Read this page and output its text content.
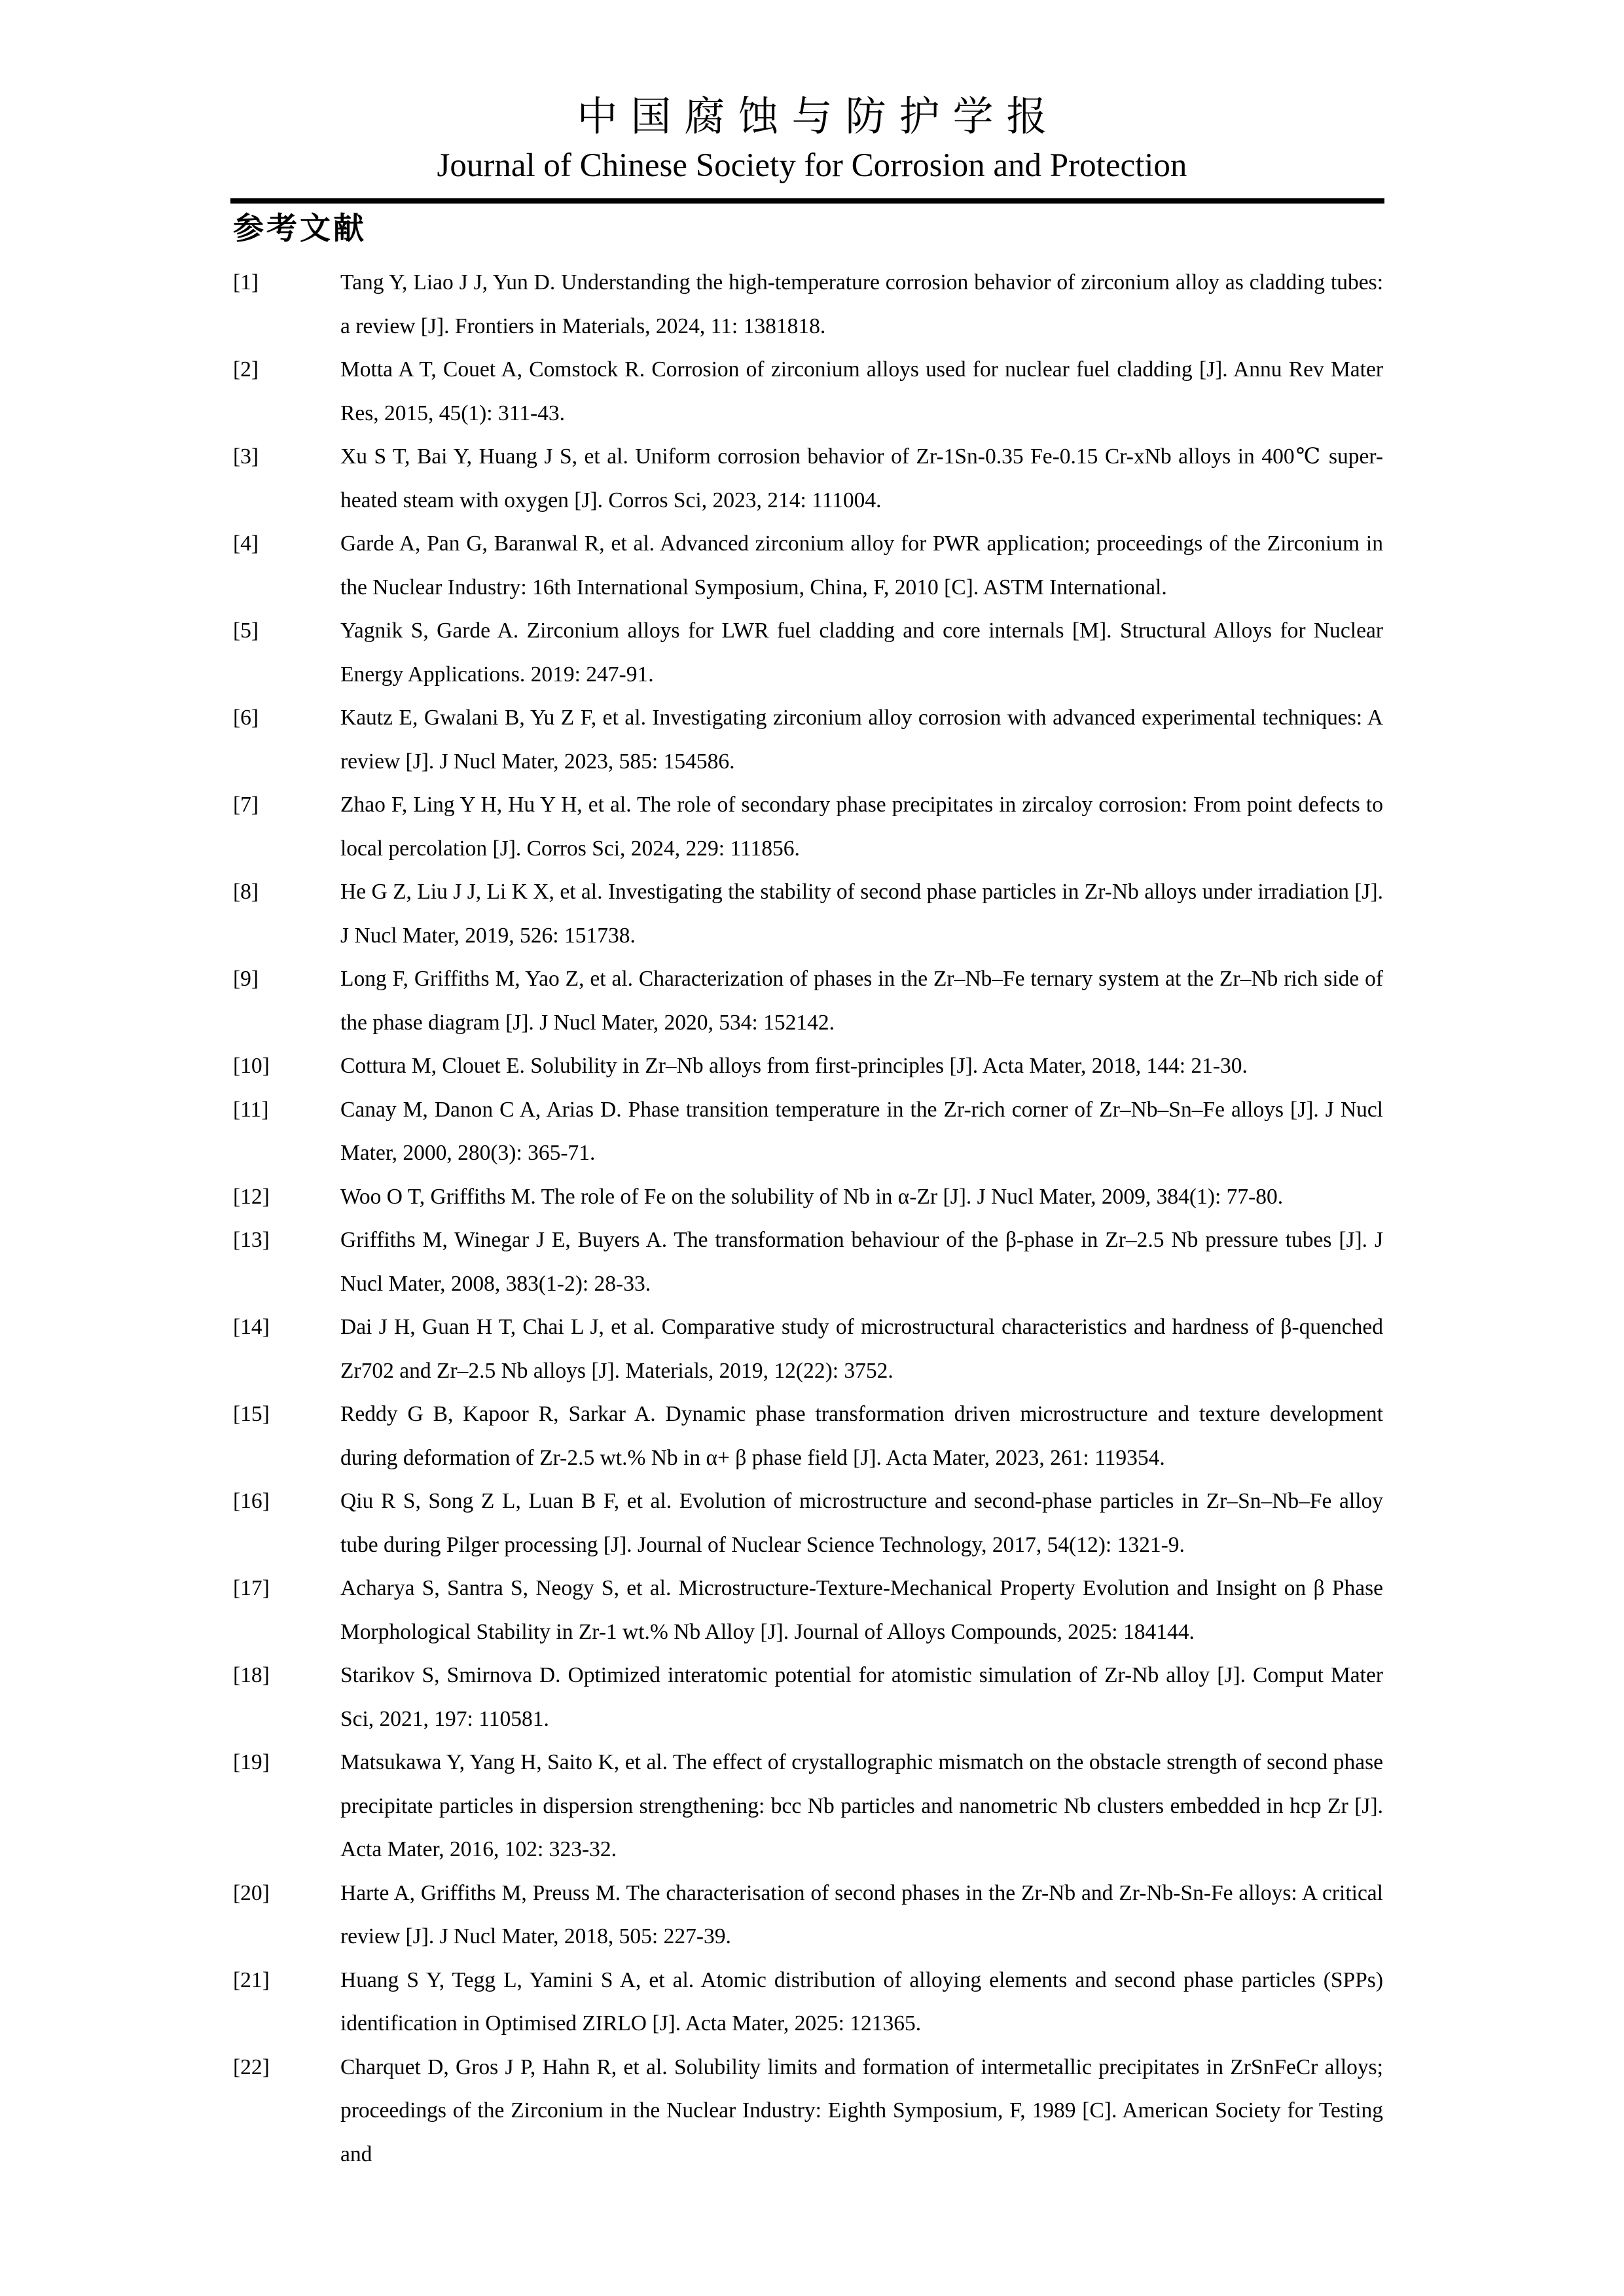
中国腐蚀与防护学报
Journal of Chinese Society for Corrosion and Protection
参考文献
[1]	Tang Y, Liao J J, Yun D. Understanding the high-temperature corrosion behavior of zirconium alloy as cladding tubes: a review [J]. Frontiers in Materials, 2024, 11: 1381818.
[2]	Motta A T, Couet A, Comstock R. Corrosion of zirconium alloys used for nuclear fuel cladding [J]. Annu Rev Mater Res, 2015, 45(1): 311-43.
[3]	Xu S T, Bai Y, Huang J S, et al. Uniform corrosion behavior of Zr-1Sn-0.35 Fe-0.15 Cr-xNb alloys in 400℃ super-heated steam with oxygen [J]. Corros Sci, 2023, 214: 111004.
[4]	Garde A, Pan G, Baranwal R, et al. Advanced zirconium alloy for PWR application; proceedings of the Zirconium in the Nuclear Industry: 16th International Symposium, China, F, 2010 [C]. ASTM International.
[5]	Yagnik S, Garde A. Zirconium alloys for LWR fuel cladding and core internals [M]. Structural Alloys for Nuclear Energy Applications. 2019: 247-91.
[6]	Kautz E, Gwalani B, Yu Z F, et al. Investigating zirconium alloy corrosion with advanced experimental techniques: A review [J]. J Nucl Mater, 2023, 585: 154586.
[7]	Zhao F, Ling Y H, Hu Y H, et al. The role of secondary phase precipitates in zircaloy corrosion: From point defects to local percolation [J]. Corros Sci, 2024, 229: 111856.
[8]	He G Z, Liu J J, Li K X, et al. Investigating the stability of second phase particles in Zr-Nb alloys under irradiation [J]. J Nucl Mater, 2019, 526: 151738.
[9]	Long F, Griffiths M, Yao Z, et al. Characterization of phases in the Zr–Nb–Fe ternary system at the Zr–Nb rich side of the phase diagram [J]. J Nucl Mater, 2020, 534: 152142.
[10]	Cottura M, Clouet E. Solubility in Zr–Nb alloys from first-principles [J]. Acta Mater, 2018, 144: 21-30.
[11]	Canay M, Danon C A, Arias D. Phase transition temperature in the Zr-rich corner of Zr–Nb–Sn–Fe alloys [J]. J Nucl Mater, 2000, 280(3): 365-71.
[12]	Woo O T, Griffiths M. The role of Fe on the solubility of Nb in α-Zr [J]. J Nucl Mater, 2009, 384(1): 77-80.
[13]	Griffiths M, Winegar J E, Buyers A. The transformation behaviour of the β-phase in Zr–2.5 Nb pressure tubes [J]. J Nucl Mater, 2008, 383(1-2): 28-33.
[14]	Dai J H, Guan H T, Chai L J, et al. Comparative study of microstructural characteristics and hardness of β-quenched Zr702 and Zr–2.5 Nb alloys [J]. Materials, 2019, 12(22): 3752.
[15]	Reddy G B, Kapoor R, Sarkar A. Dynamic phase transformation driven microstructure and texture development during deformation of Zr-2.5 wt.% Nb in α+ β phase field [J]. Acta Mater, 2023, 261: 119354.
[16]	Qiu R S, Song Z L, Luan B F, et al. Evolution of microstructure and second-phase particles in Zr–Sn–Nb–Fe alloy tube during Pilger processing [J]. Journal of Nuclear Science Technology, 2017, 54(12): 1321-9.
[17]	Acharya S, Santra S, Neogy S, et al. Microstructure-Texture-Mechanical Property Evolution and Insight on β Phase Morphological Stability in Zr-1 wt.% Nb Alloy [J]. Journal of Alloys Compounds, 2025: 184144.
[18]	Starikov S, Smirnova D. Optimized interatomic potential for atomistic simulation of Zr-Nb alloy [J]. Comput Mater Sci, 2021, 197: 110581.
[19]	Matsukawa Y, Yang H, Saito K, et al. The effect of crystallographic mismatch on the obstacle strength of second phase precipitate particles in dispersion strengthening: bcc Nb particles and nanometric Nb clusters embedded in hcp Zr [J]. Acta Mater, 2016, 102: 323-32.
[20]	Harte A, Griffiths M, Preuss M. The characterisation of second phases in the Zr-Nb and Zr-Nb-Sn-Fe alloys: A critical review [J]. J Nucl Mater, 2018, 505: 227-39.
[21]	Huang S Y, Tegg L, Yamini S A, et al. Atomic distribution of alloying elements and second phase particles (SPPs) identification in Optimised ZIRLO [J]. Acta Mater, 2025: 121365.
[22]	Charquet D, Gros J P, Hahn R, et al. Solubility limits and formation of intermetallic precipitates in ZrSnFeCr alloys; proceedings of the Zirconium in the Nuclear Industry: Eighth Symposium, F, 1989 [C]. American Society for Testing and
